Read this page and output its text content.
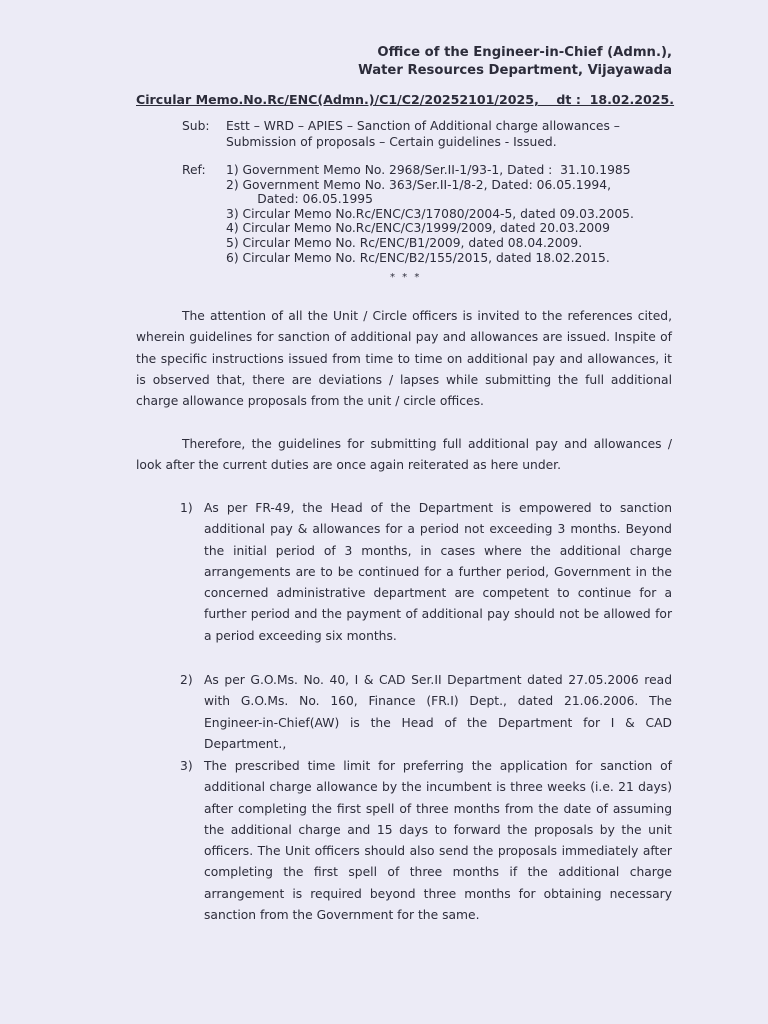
Office of the Engineer-in-Chief (Admn.),
Water Resources Department, Vijayawada
Circular Memo.No.Rc/ENC(Admn.)/C1/C2/20252101/2025,    dt :  18.02.2025.
Sub: Estt – WRD – APIES – Sanction of Additional charge allowances – Submission of proposals – Certain guidelines - Issued.
Ref: 1) Government Memo No. 2968/Ser.II-1/93-1, Dated :  31.10.1985
2) Government Memo No. 363/Ser.II-1/8-2, Dated: 06.05.1994,
Dated: 06.05.1995
3) Circular Memo No.Rc/ENC/C3/17080/2004-5, dated 09.03.2005.
4) Circular Memo No.Rc/ENC/C3/1999/2009, dated 20.03.2009
5) Circular Memo No. Rc/ENC/B1/2009, dated 08.04.2009.
6) Circular Memo No. Rc/ENC/B2/155/2015, dated 18.02.2015.
* * *

The attention of all the Unit / Circle officers is invited to the references cited, wherein guidelines for sanction of additional pay and allowances are issued. Inspite of the specific instructions issued from time to time on additional pay and allowances, it is observed that, there are deviations / lapses while submitting the full additional charge allowance proposals from the unit / circle offices.

Therefore, the guidelines for submitting full additional pay and allowances / look after the current duties are once again reiterated as here under.

1) As per FR-49, the Head of the Department is empowered to sanction additional pay & allowances for a period not exceeding 3 months. Beyond the initial period of 3 months, in cases where the additional charge arrangements are to be continued for a further period, Government in the concerned administrative department are competent to continue for a further period and the payment of additional pay should not be allowed for a period exceeding six months.
2) As per G.O.Ms. No. 40, I & CAD Ser.II Department dated 27.05.2006 read with G.O.Ms. No. 160, Finance (FR.I) Dept., dated 21.06.2006. The Engineer-in-Chief(AW) is the Head of the Department for I & CAD Department.,
3) The prescribed time limit for preferring the application for sanction of additional charge allowance by the incumbent is three weeks (i.e. 21 days) after completing the first spell of three months from the date of assuming the additional charge and 15 days to forward the proposals by the unit officers. The Unit officers should also send the proposals immediately after completing the first spell of three months if the additional charge arrangement is required beyond three months for obtaining necessary sanction from the Government for the same.
